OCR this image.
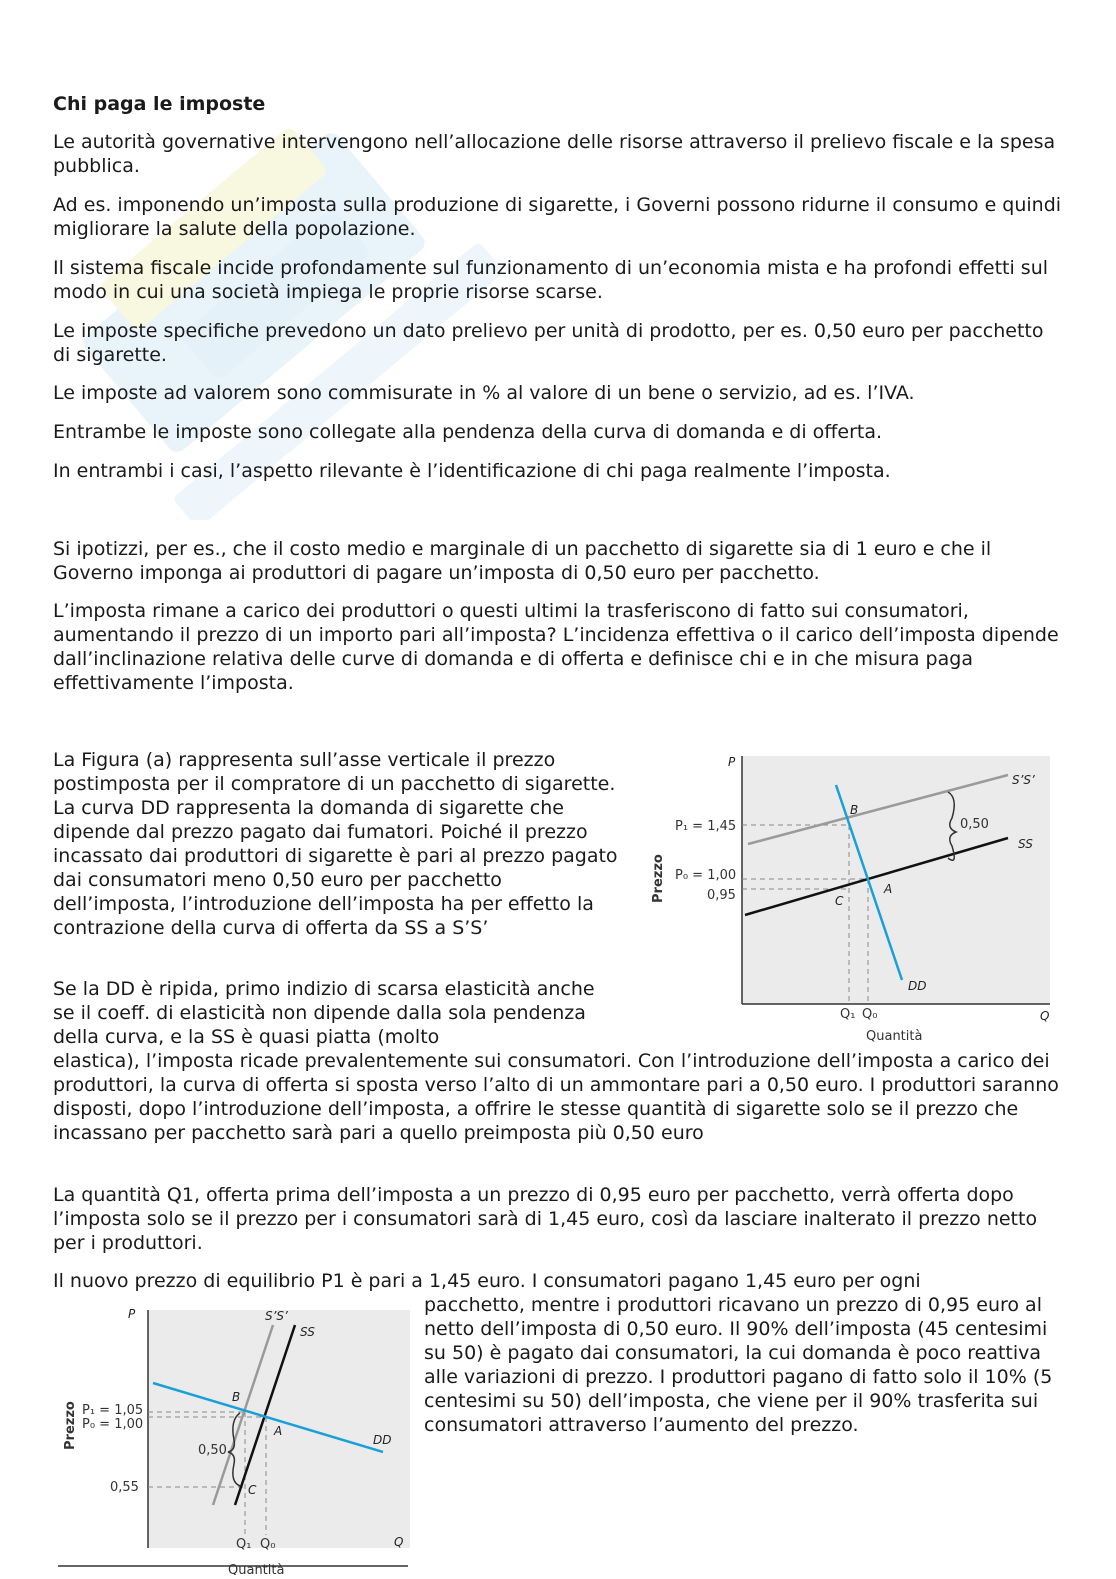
Chi paga le imposte

Le autorità governative intervengono nell’allocazione delle risorse attraverso il prelievo fiscale e la spesa pubblica.

Ad es. imponendo un’imposta sulla produzione di sigarette, i Governi possono ridurne il consumo e quindi migliorare la salute della popolazione.

Il sistema fiscale incide profondamente sul funzionamento di un’economia mista e ha profondi effetti sul modo in cui una società impiega le proprie risorse scarse.

Le imposte specifiche prevedono un dato prelievo per unità di prodotto, per es. 0,50 euro per pacchetto di sigarette.

Le imposte ad valorem sono commisurate in % al valore di un bene o servizio, ad es. l’IVA.

Entrambe le imposte sono collegate alla pendenza della curva di domanda e di offerta.

In entrambi i casi, l’aspetto rilevante è l’identificazione di chi paga realmente l’imposta.

Si ipotizzi, per es., che il costo medio e marginale di un pacchetto di sigarette sia di 1 euro e che il Governo imponga ai produttori di pagare un’imposta di 0,50 euro per pacchetto.

L’imposta rimane a carico dei produttori o questi ultimi la trasferiscono di fatto sui consumatori, aumentando il prezzo di un importo pari all’imposta? L’incidenza effettiva o il carico dell’imposta dipende dall’inclinazione relativa delle curve di domanda e di offerta e definisce chi e in che misura paga effettivamente l’imposta.

La Figura (a) rappresenta sull’asse verticale il prezzo postimposta per il compratore di un pacchetto di sigarette. La curva DD rappresenta la domanda di sigarette che dipende dal prezzo pagato dai fumatori. Poiché il prezzo incassato dai produttori di sigarette è pari al prezzo pagato dai consumatori meno 0,50 euro per pacchetto dell’imposta, l’introduzione dell’imposta ha per effetto la contrazione della curva di offerta da SS a S’S’

Se la DD è ripida, primo indizio di scarsa elasticità anche se il coeff. di elasticità non dipende dalla sola pendenza della curva, e la SS è quasi piatta (molto

elastica), l’imposta ricade prevalentemente sui consumatori. Con l’introduzione dell’imposta a carico dei produttori, la curva di offerta si sposta verso l’alto di un ammontare pari a 0,50 euro. I produttori saranno disposti, dopo l’introduzione dell’imposta, a offrire le stesse quantità di sigarette solo se il prezzo che incassano per pacchetto sarà pari a quello preimposta più 0,50 euro

La quantità Q1, offerta prima dell’imposta a un prezzo di 0,95 euro per pacchetto, verrà offerta dopo l’imposta solo se il prezzo per i consumatori sarà di 1,45 euro, così da lasciare inalterato il prezzo netto per i produttori.

Il nuovo prezzo di equilibrio P1 è pari a 1,45 euro. I consumatori pagano 1,45 euro per ogni

pacchetto, mentre i produttori ricavano un prezzo di 0,95 euro al netto dell’imposta di 0,50 euro. Il 90% dell’imposta (45 centesimi su 50) è pagato dai consumatori, la cui domanda è poco reattiva alle variazioni di prezzo. I produttori pagano di fatto solo il 10% (5 centesimi su 50) dell’imposta, che viene per il 90% trasferita sui consumatori attraverso l’aumento del prezzo.

P
Q
Prezzo
Quantità
P₁ = 1,45
P₀ = 1,00
0,95
Q₁ Q₀
0,50
S’S’
SS
DD
A
B
C
P
Q
Prezzo
Quantità
P₁ = 1,05
P₀ = 1,00
0,55
Q₁ Q₀
0,50
S’S’
SS
DD
A
B
C
